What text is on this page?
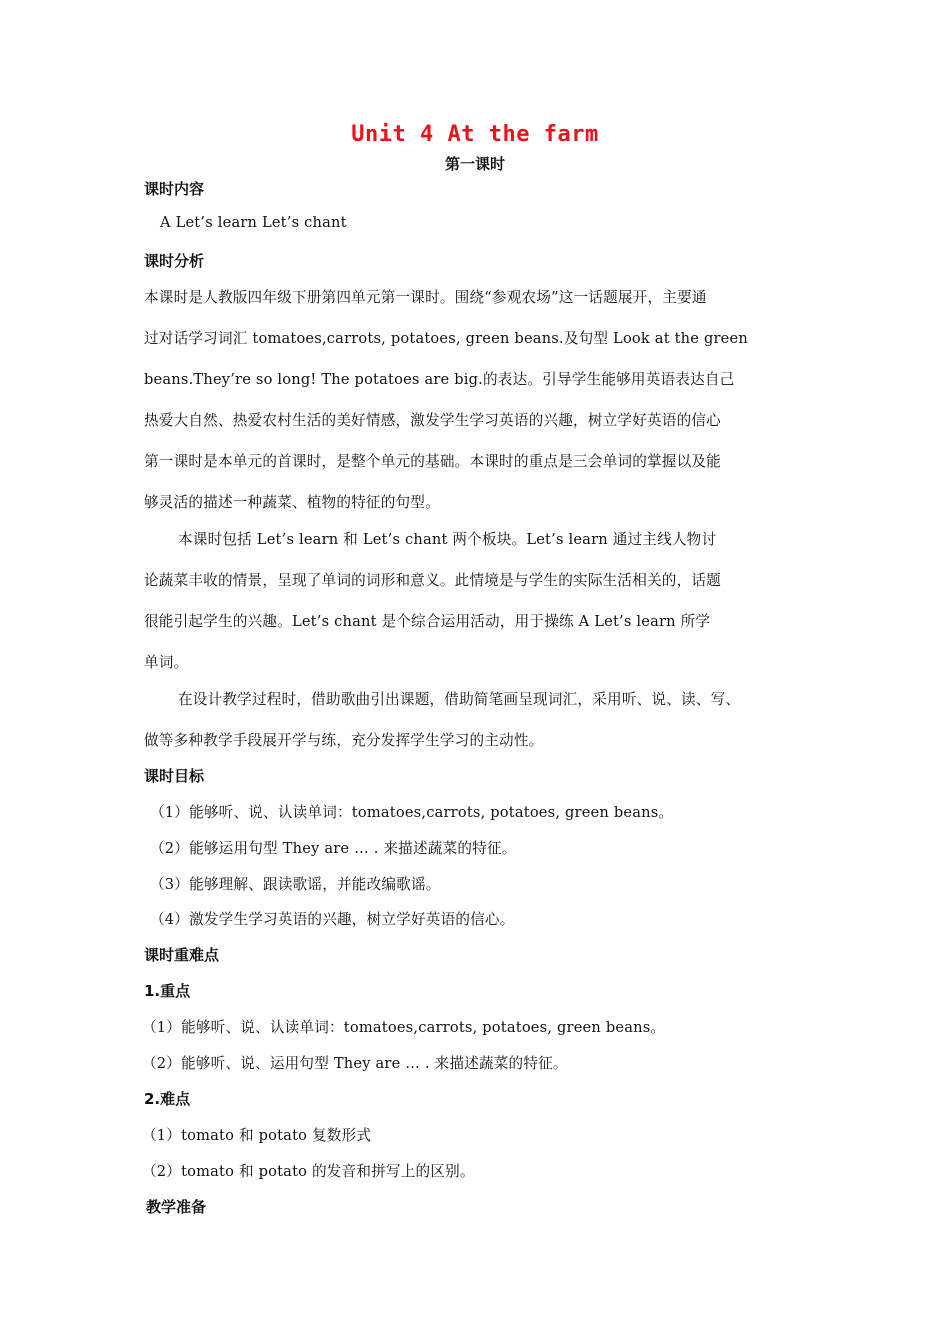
Unit 4 At the farm
第一课时
课时内容
A Let’s learn Let’s chant
课时分析
本课时是人教版四年级下册第四单元第一课时。围绕“参观农场”这一话题展开，主要通
过对话学习词汇 tomatoes,carrots, potatoes, green beans.及句型 Look at the green
beans.They’re so long! The potatoes are big.的表达。引导学生能够用英语表达自己
热爱大自然、热爱农村生活的美好情感，激发学生学习英语的兴趣，树立学好英语的信心
第一课时是本单元的首课时，是整个单元的基础。本课时的重点是三会单词的掌握以及能
够灵活的描述一种蔬菜、植物的特征的句型。
本课时包括 Let’s learn 和 Let’s chant 两个板块。Let’s learn 通过主线人物讨
论蔬菜丰收的情景，呈现了单词的词形和意义。此情境是与学生的实际生活相关的，话题
很能引起学生的兴趣。Let’s chant 是个综合运用活动，用于操练 A Let’s learn 所学
单词。
在设计教学过程时，借助歌曲引出课题，借助简笔画呈现词汇，采用听、说、读、写、
做等多种教学手段展开学与练，充分发挥学生学习的主动性。
课时目标
（1）能够听、说、认读单词：tomatoes,carrots, potatoes, green beans。
（2）能够运用句型 They are … . 来描述蔬菜的特征。
（3）能够理解、跟读歌谣，并能改编歌谣。
（4）激发学生学习英语的兴趣，树立学好英语的信心。
课时重难点
1.重点
（1）能够听、说、认读单词：tomatoes,carrots, potatoes, green beans。
（2）能够听、说、运用句型 They are … . 来描述蔬菜的特征。
2.难点
（1）tomato 和 potato 复数形式
（2）tomato 和 potato 的发音和拼写上的区别。
教学准备
